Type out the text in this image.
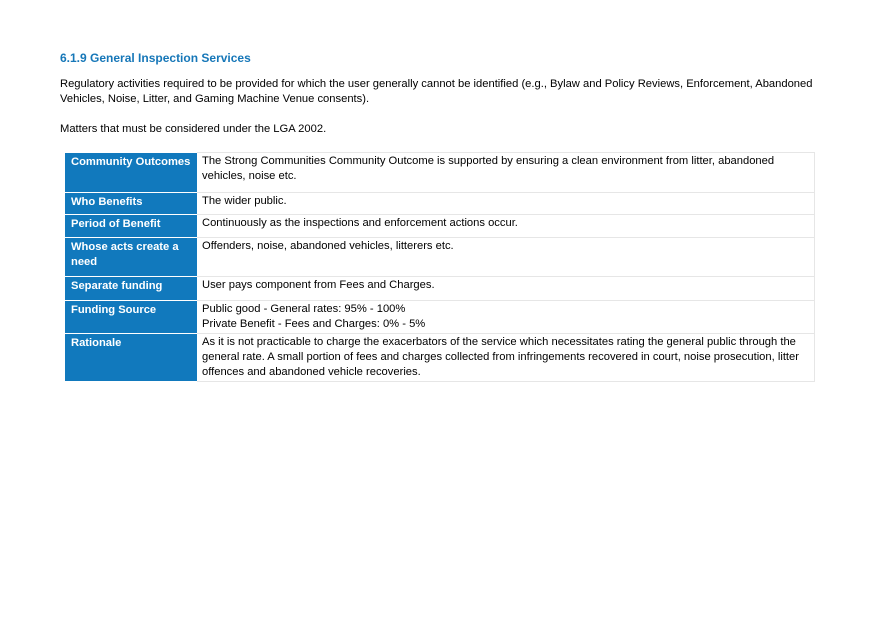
6.1.9 General Inspection Services
Regulatory activities required to be provided for which the user generally cannot be identified (e.g., Bylaw and Policy Reviews, Enforcement, Abandoned Vehicles, Noise, Litter, and Gaming Machine Venue consents).
Matters that must be considered under the LGA 2002.
Community Outcomes	The Strong Communities Community Outcome is supported by ensuring a clean environment from litter, abandoned vehicles, noise etc.
Who Benefits	The wider public.
Period of Benefit	Continuously as the inspections and enforcement actions occur.
Whose acts create a need	Offenders, noise, abandoned vehicles, litterers etc.
Separate funding	User pays component from Fees and Charges.
Funding Source	Public good - General rates: 95% - 100%
Private Benefit - Fees and Charges: 0% - 5%

Rationale	As it is not practicable to charge the exacerbators of the service which necessitates rating the general public through the general rate. A small portion of fees and charges collected from infringements recovered in court, noise prosecution, litter offences and abandoned vehicle recoveries.
